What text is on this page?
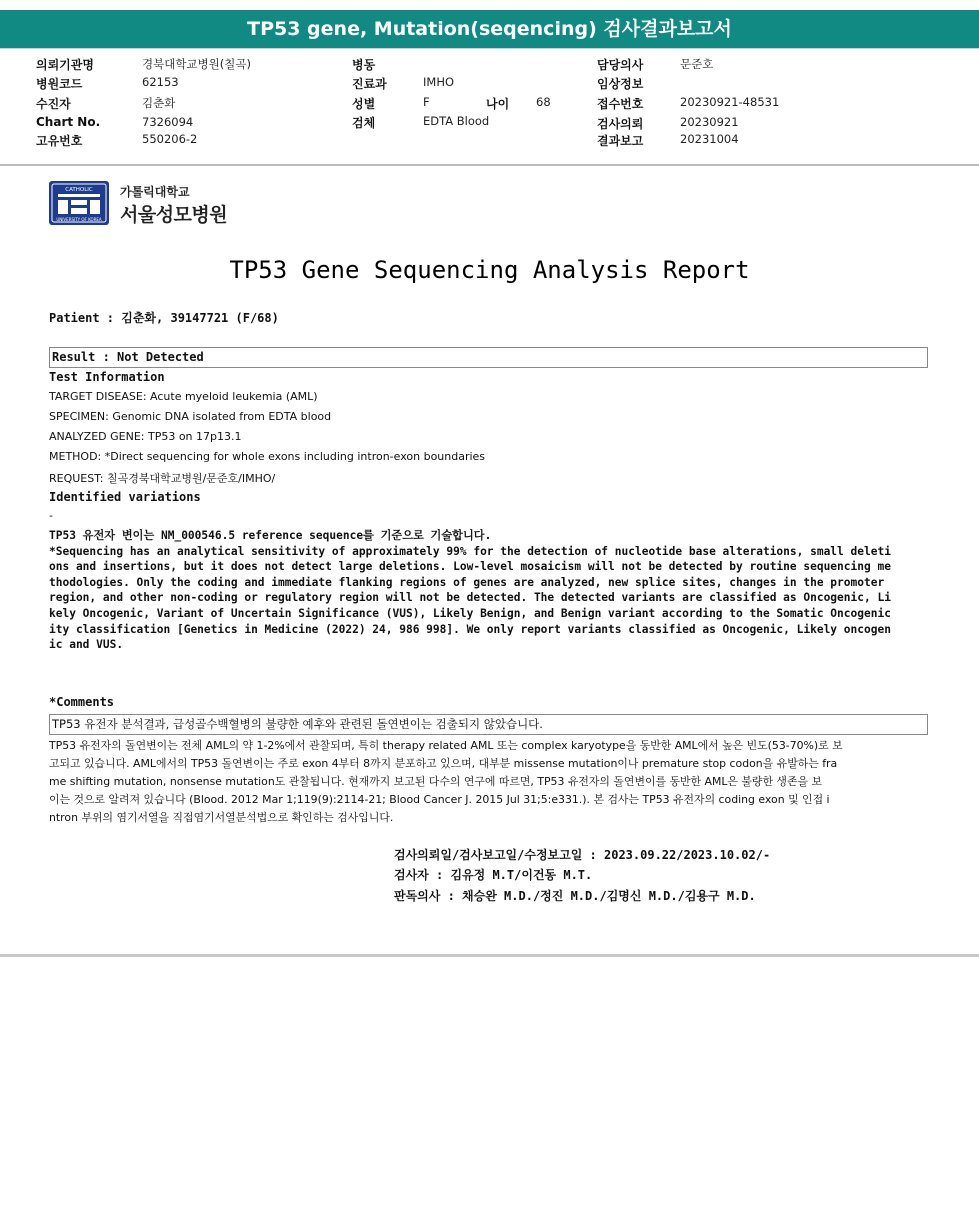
TP53 gene, Mutation(seqencing) 검사결과보고서
의뢰기관명	경북대학교병원(칠곡)
병원코드	62153
수진자	김춘화
Chart No.	7326094
고유번호	550206-2
병동
진료과	IMHO
성별	F	나이 68
검체	EDTA Blood
담당의사	문준호
임상정보
접수번호	20230921-48531
검사의뢰	20230921
결과보고	20231004
CATHOLIC
UNIVERSITY OF KOREA
가톨릭대학교
서울성모병원
TP53 Gene Sequencing Analysis Report
Patient : 김춘화, 39147721 (F/68)
Result : Not Detected
Test Information
TARGET DISEASE: Acute myeloid leukemia (AML)
SPECIMEN: Genomic DNA isolated from EDTA blood
ANALYZED GENE: TP53 on 17p13.1
METHOD: *Direct sequencing for whole exons including intron-exon boundaries
REQUEST: 칠곡경북대학교병원/문준호/IMHO/
Identified variations
-
TP53 유전자 변이는 NM_000546.5 reference sequence를 기준으로 기술합니다.
*Sequencing has an analytical sensitivity of approximately 99% for the detection of nucleotide base alterations, small deleti
ons and insertions, but it does not detect large deletions. Low-level mosaicism will not be detected by routine sequencing me
thodologies. Only the coding and immediate flanking regions of genes are analyzed, new splice sites, changes in the promoter
region, and other non-coding or regulatory region will not be detected. The detected variants are classified as Oncogenic, Li
kely Oncogenic, Variant of Uncertain Significance (VUS), Likely Benign, and Benign variant according to the Somatic Oncogenic
ity classification [Genetics in Medicine (2022) 24, 986 998]. We only report variants classified as Oncogenic, Likely oncogen
ic and VUS.
*Comments
TP53 유전자 분석결과, 급성골수백혈병의 불량한 예후와 관련된 돌연변이는 검출되지 않았습니다.
TP53 유전자의 돌연변이는 전체 AML의 약 1-2%에서 관찰되며, 특히 therapy related AML 또는 complex karyotype을 동반한 AML에서 높은 빈도(53-70%)로 보
고되고 있습니다. AML에서의 TP53 돌연변이는 주로 exon 4부터 8까지 분포하고 있으며, 대부분 missense mutation이나 premature stop codon을 유발하는 fra
me shifting mutation, nonsense mutation도 관찰됩니다. 현재까지 보고된 다수의 연구에 따르면, TP53 유전자의 돌연변이를 동반한 AML은 불량한 생존을 보
이는 것으로 알려져 있습니다 (Blood. 2012 Mar 1;119(9):2114-21; Blood Cancer J. 2015 Jul 31;5:e331.). 본 검사는 TP53 유전자의 coding exon 및 인접 i
ntron 부위의 염기서열을 직접염기서열분석법으로 확인하는 검사입니다.
검사의뢰일/검사보고일/수정보고일 : 2023.09.22/2023.10.02/-
검사자 : 김유정 M.T/이건동 M.T.
판독의사 : 채승완 M.D./정진 M.D./김명신 M.D./김용구 M.D.
